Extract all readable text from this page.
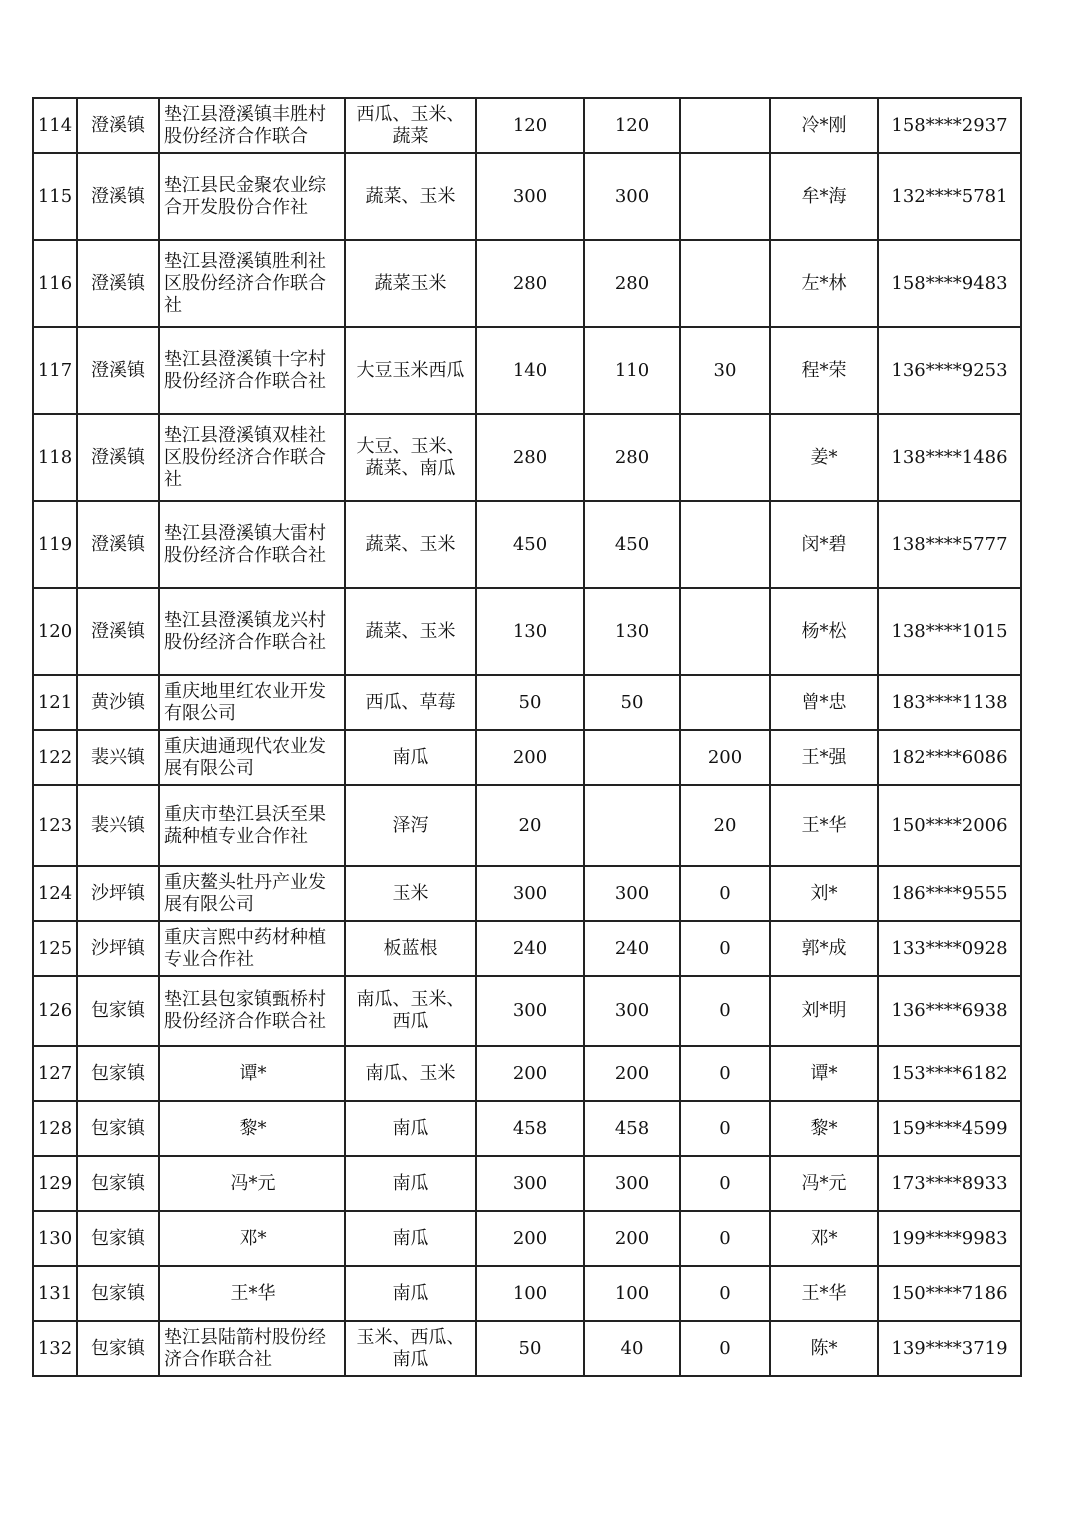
114	澄溪镇	垫江县澄溪镇丰胜村股份经济合作联合	西瓜、玉米、蔬菜	120	120		冷*刚	158****2937
115	澄溪镇	垫江县民金聚农业综合开发股份合作社	蔬菜、玉米	300	300		牟*海	132****5781
116	澄溪镇	垫江县澄溪镇胜利社区股份经济合作联合社	蔬菜玉米	280	280		左*林	158****9483
117	澄溪镇	垫江县澄溪镇十字村股份经济合作联合社	大豆玉米西瓜	140	110	30	程*荣	136****9253
118	澄溪镇	垫江县澄溪镇双桂社区股份经济合作联合社	大豆、玉米、蔬菜、南瓜	280	280		姜*	138****1486
119	澄溪镇	垫江县澄溪镇大雷村股份经济合作联合社	蔬菜、玉米	450	450		闵*碧	138****5777
120	澄溪镇	垫江县澄溪镇龙兴村股份经济合作联合社	蔬菜、玉米	130	130		杨*松	138****1015
121	黄沙镇	重庆地里红农业开发有限公司	西瓜、草莓	50	50		曾*忠	183****1138
122	裴兴镇	重庆迪通现代农业发展有限公司	南瓜	200		200	王*强	182****6086
123	裴兴镇	重庆市垫江县沃至果蔬种植专业合作社	泽泻	20		20	王*华	150****2006
124	沙坪镇	重庆鳌头牡丹产业发展有限公司	玉米	300	300	0	刘*	186****9555
125	沙坪镇	重庆言熙中药材种植专业合作社	板蓝根	240	240	0	郭*成	133****0928
126	包家镇	垫江县包家镇甄桥村股份经济合作联合社	南瓜、玉米、西瓜	300	300	0	刘*明	136****6938
127	包家镇	谭*	南瓜、玉米	200	200	0	谭*	153****6182
128	包家镇	黎*	南瓜	458	458	0	黎*	159****4599
129	包家镇	冯*元	南瓜	300	300	0	冯*元	173****8933
130	包家镇	邓*	南瓜	200	200	0	邓*	199****9983
131	包家镇	王*华	南瓜	100	100	0	王*华	150****7186
132	包家镇	垫江县陆箭村股份经济合作联合社	玉米、西瓜、南瓜	50	40	0	陈*	139****3719
